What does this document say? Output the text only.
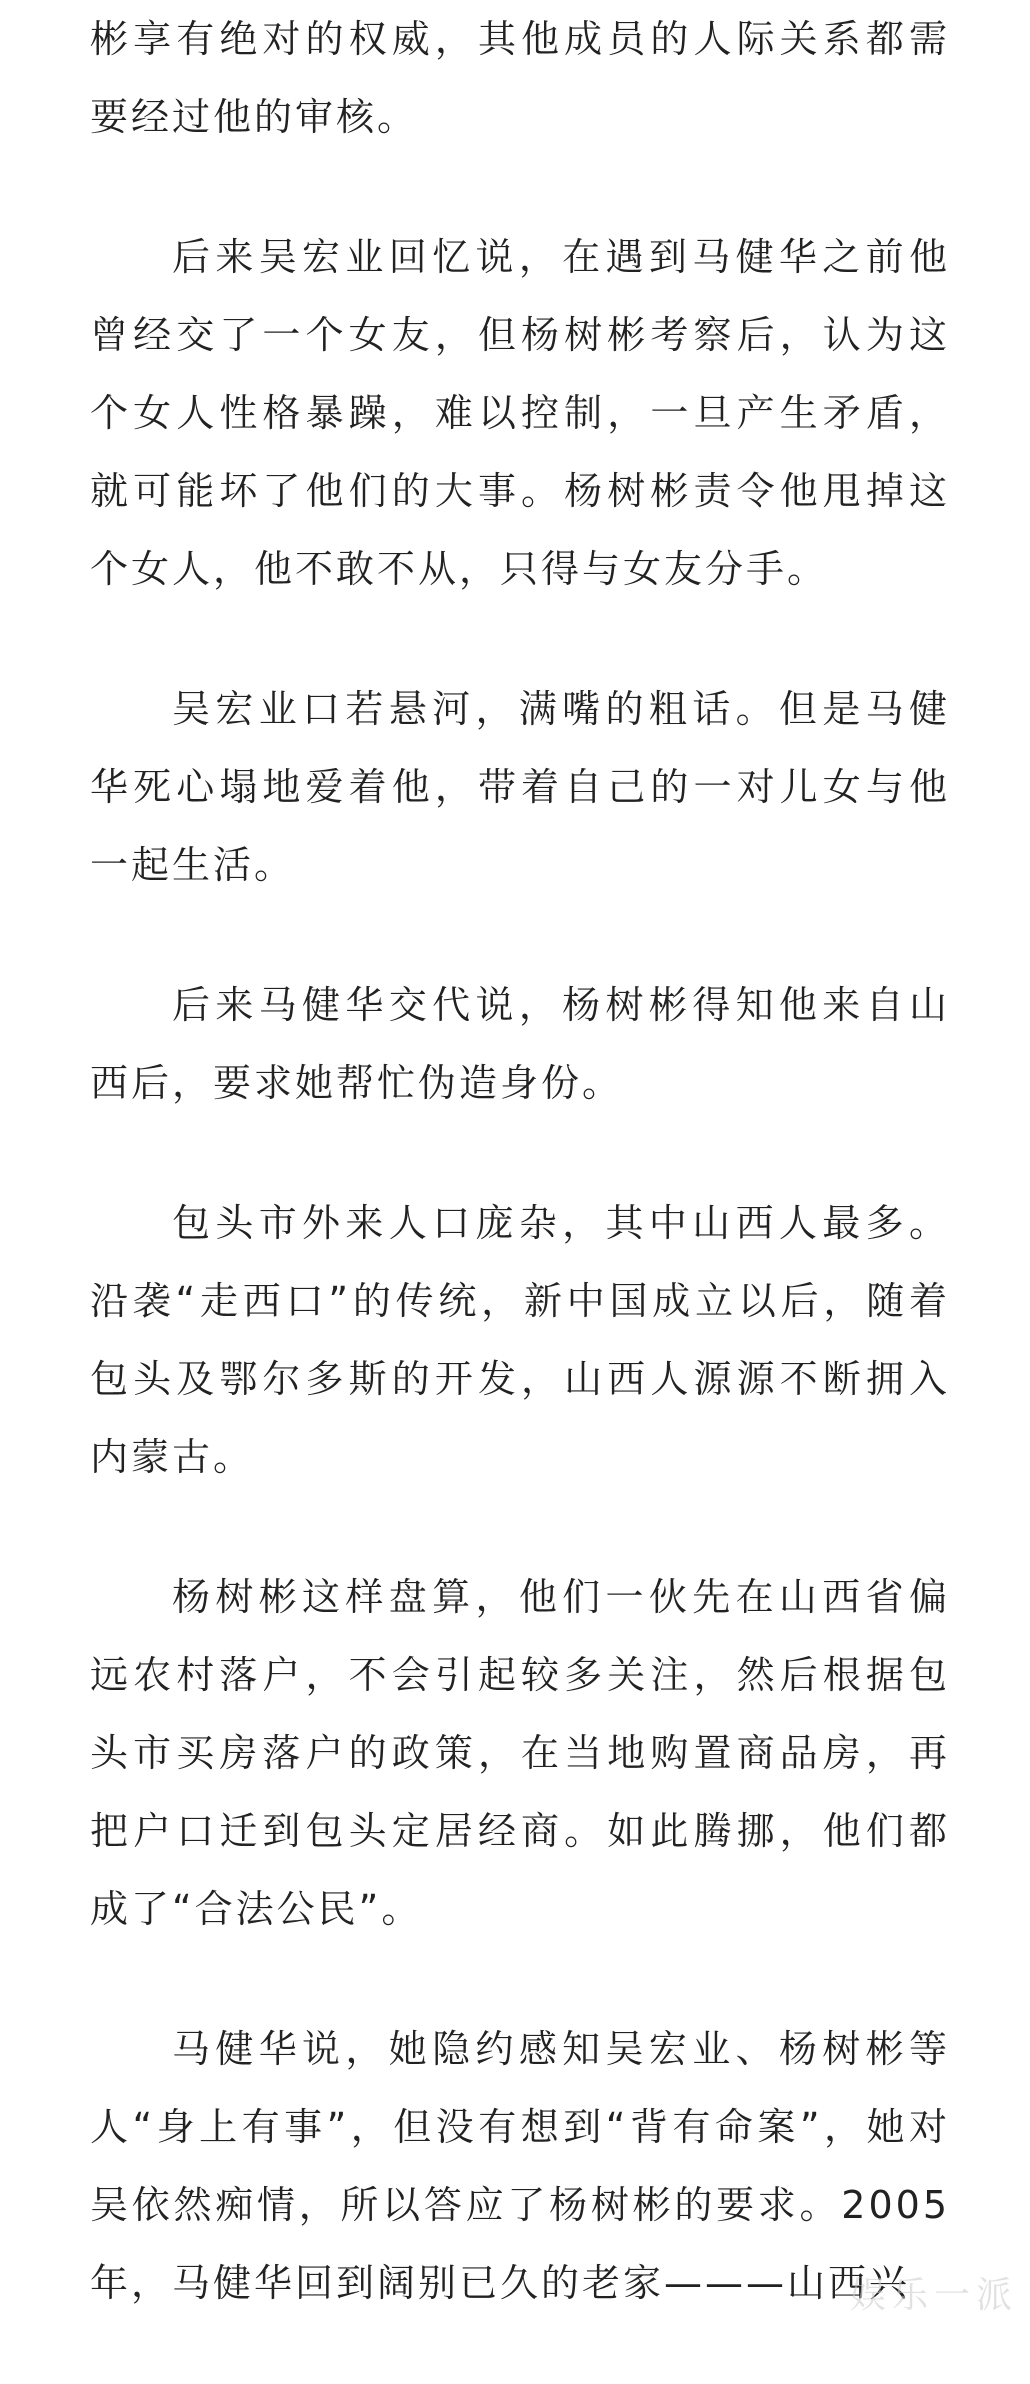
彬享有绝对的权威，其他成员的人际关系都需要经过他的审核。

后来吴宏业回忆说，在遇到马健华之前他曾经交了一个女友，但杨树彬考察后，认为这个女人性格暴躁，难以控制，一旦产生矛盾，就可能坏了他们的大事。杨树彬责令他甩掉这个女人，他不敢不从，只得与女友分手。

吴宏业口若悬河，满嘴的粗话。但是马健华死心塌地爱着他，带着自己的一对儿女与他一起生活。

后来马健华交代说，杨树彬得知他来自山西后，要求她帮忙伪造身份。

包头市外来人口庞杂，其中山西人最多。沿袭“走西口”的传统，新中国成立以后，随着包头及鄂尔多斯的开发，山西人源源不断拥入内蒙古。

杨树彬这样盘算，他们一伙先在山西省偏远农村落户，不会引起较多关注，然后根据包头市买房落户的政策，在当地购置商品房，再把户口迁到包头定居经商。如此腾挪，他们都成了“合法公民”。

马健华说，她隐约感知吴宏业、杨树彬等人“身上有事”，但没有想到“背有命案”，她对吴依然痴情，所以答应了杨树彬的要求。2005年，马健华回到阔别已久的老家———山西兴

娱乐一派
